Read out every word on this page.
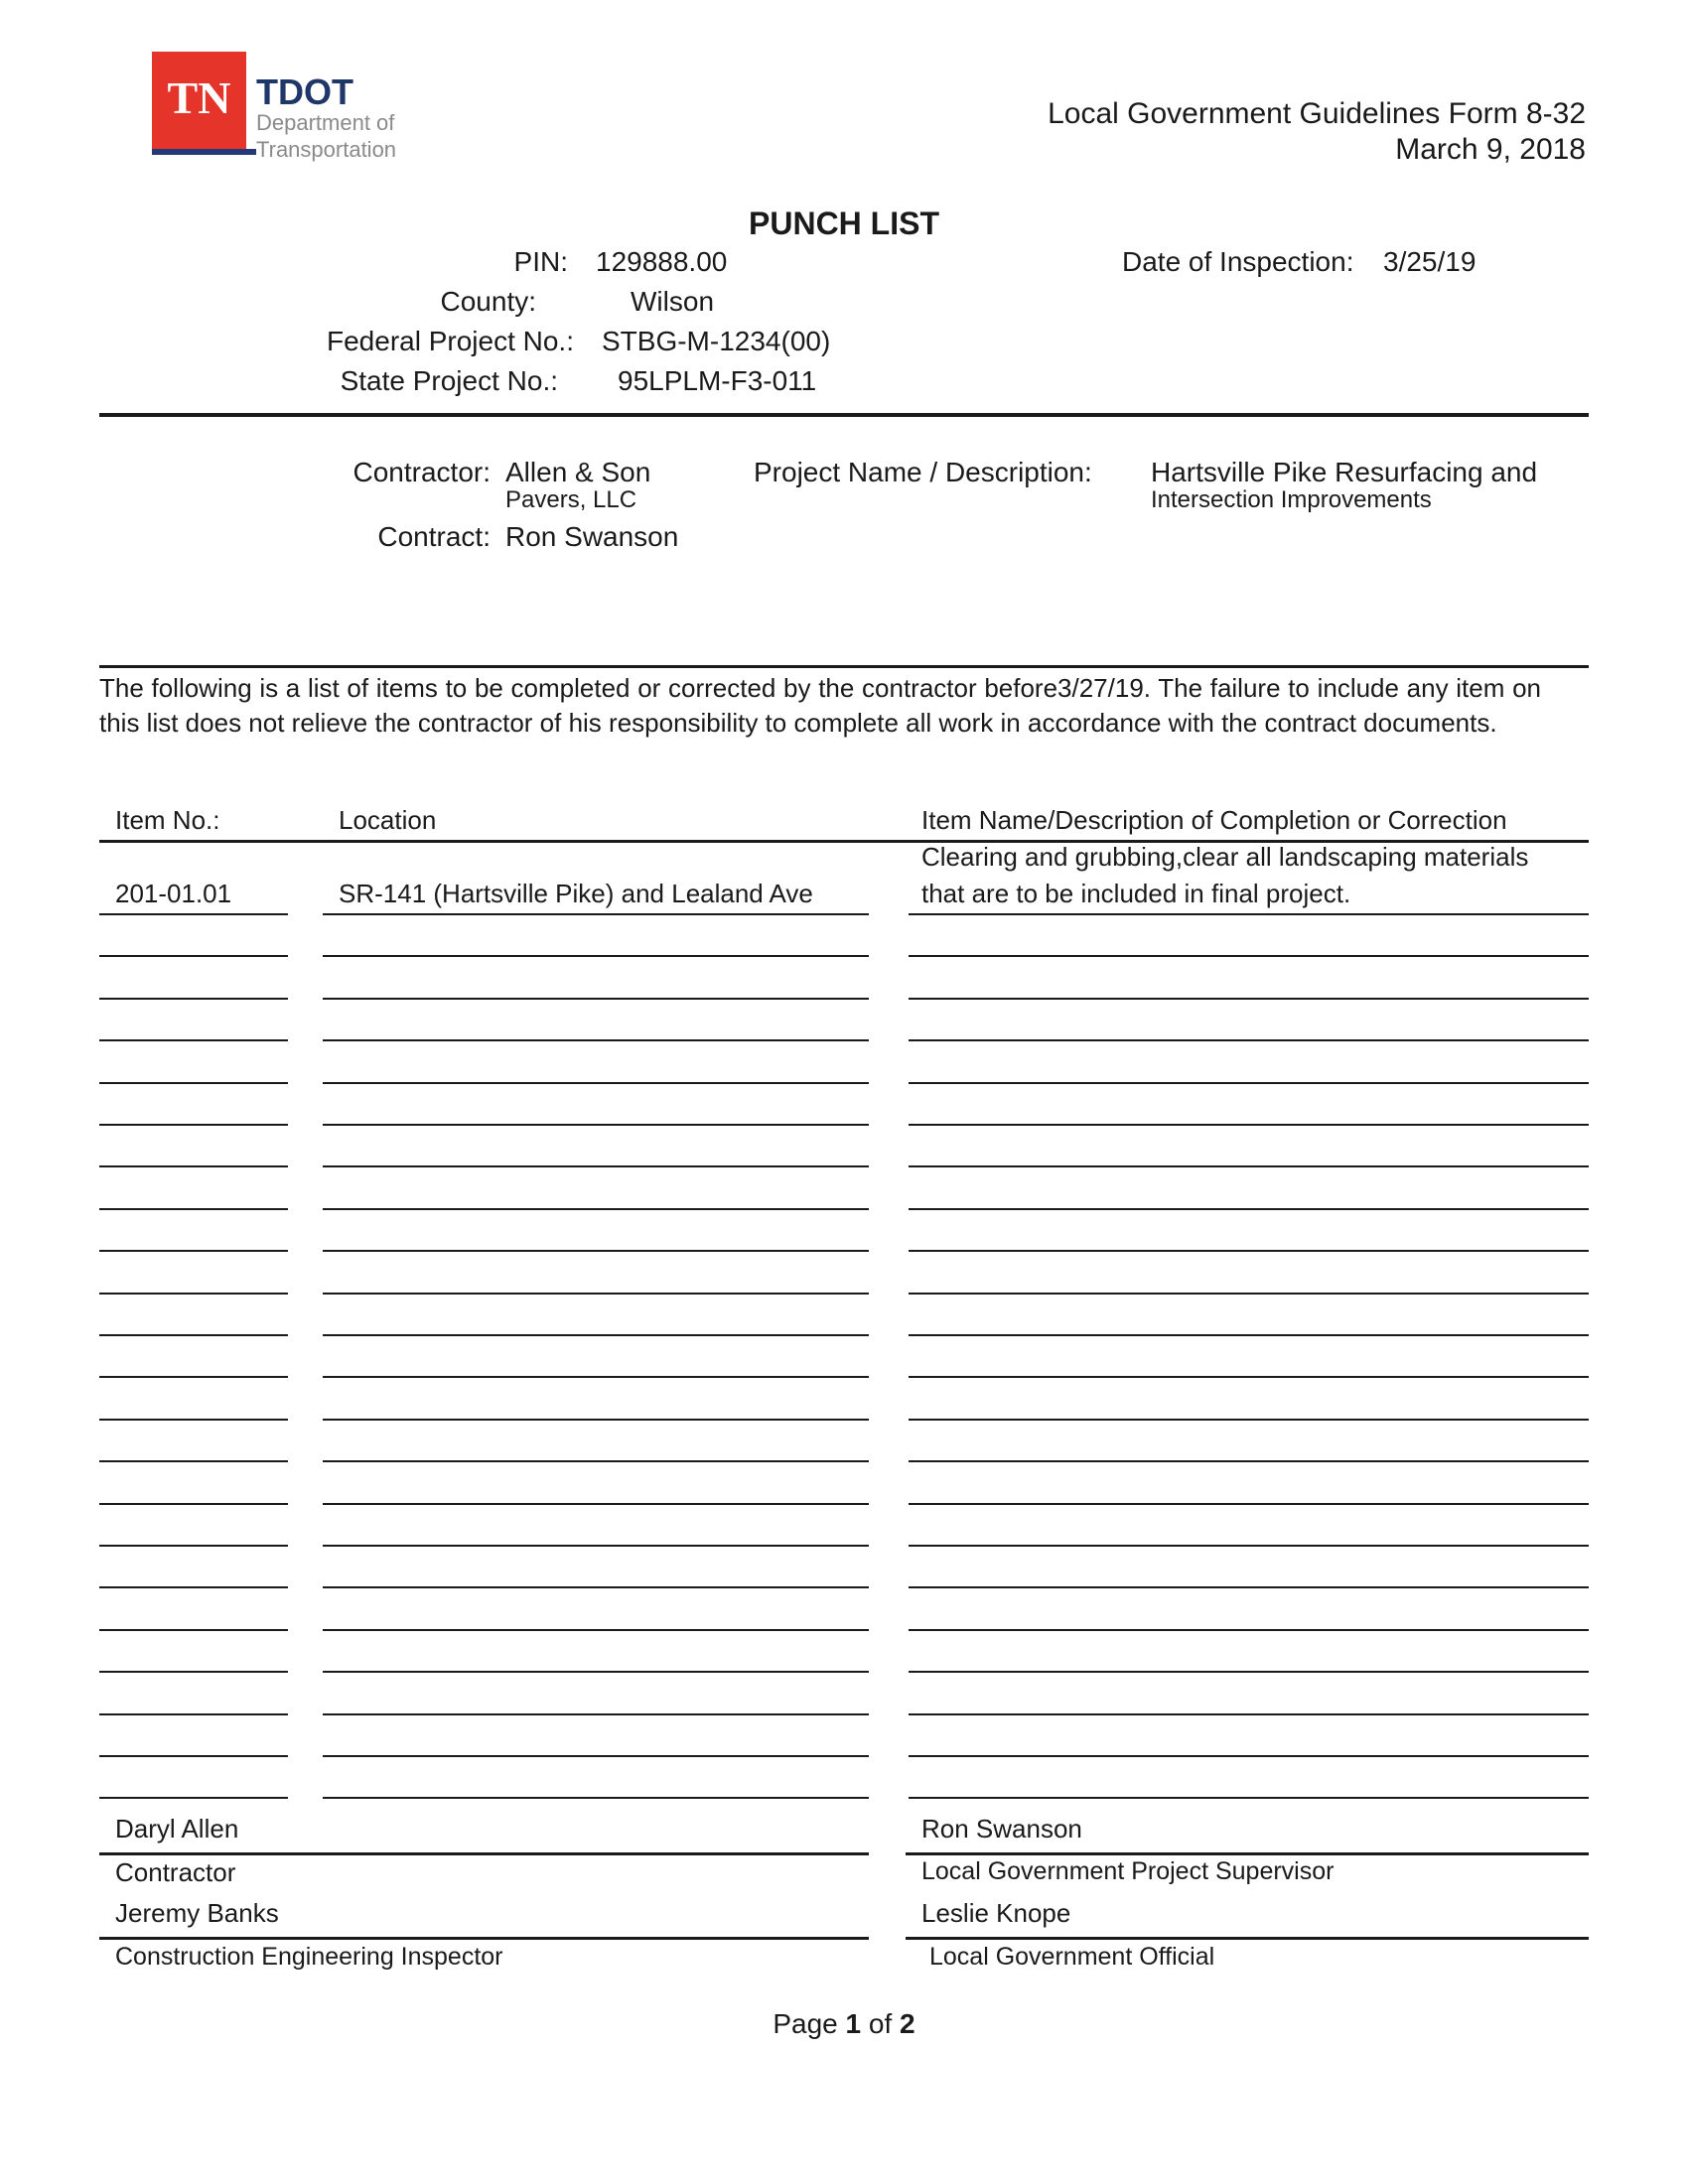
TN TDOT
Department of
Transportation
Local Government Guidelines Form 8-32
March 9, 2018
PUNCH LIST
PIN: 129888.00	Date of Inspection: 3/25/19
County:	Wilson
Federal Project No.: STBG-M-1234(00)
State Project No.: 95LPLM-F3-011
Contractor: Allen & Son
Pavers, LLC
Contract: Ron Swanson
Project Name / Description: Hartsville Pike Resurfacing and
Intersection Improvements
The following is a list of items to be completed or corrected by the contractor before3/27/19. The failure to include any item on this list does not relieve the contractor of his responsibility to complete all work in accordance with the contract documents.
Item No.:	Location	Item Name/Description of Completion or Correction
201-01.01	SR-141 (Hartsville Pike) and Lealand Ave
Clearing and grubbing,clear all landscaping materials
that are to be included in final project.
Daryl Allen	Ron Swanson
Contractor	Local Government Project Supervisor
Jeremy Banks	Leslie Knope
Construction Engineering Inspector	Local Government Official
Page 1 of 2
